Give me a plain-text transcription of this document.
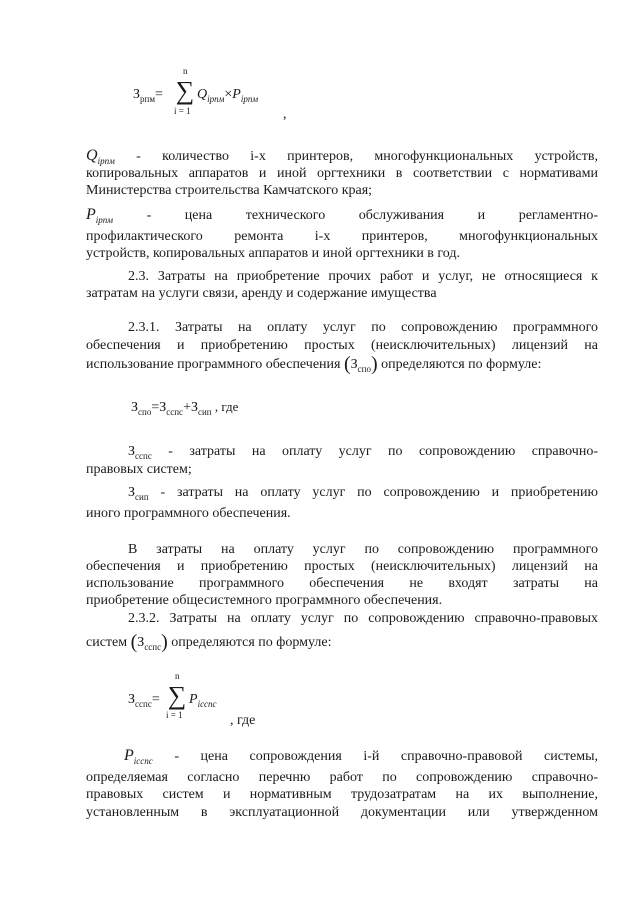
$З_{рпм}=$
n
∑
i = 1
$Q_{iрпм}\times P_{iрпм}$
,
$Q_{iрпм}$ - количество i-х принтеров, многофункциональных устройств,
копировальных аппаратов и иной оргтехники в соответствии с нормативами
Министерства строительства Камчатского края;
$P_{iрпм}$ - цена технического обслуживания и регламентно-
профилактического ремонта i-х принтеров, многофункциональных
устройств, копировальных аппаратов и иной оргтехники в год.
2.3. Затраты на приобретение прочих работ и услуг, не относящиеся к
затратам на услуги связи, аренду и содержание имущества
2.3.1. Затраты на оплату услуг по сопровождению программного
обеспечения и приобретению простых (неисключительных) лицензий на
использование программного обеспечения $(З_{спо})$ определяются по формуле:
$З_{спо}=З_{сспс}+З_{сип}$ , где
$З_{сспс}$ - затраты на оплату услуг по сопровождению справочно-
правовых систем;
$З_{сип}$ - затраты на оплату услуг по сопровождению и приобретению
иного программного обеспечения.
В затраты на оплату услуг по сопровождению программного
обеспечения и приобретению простых (неисключительных) лицензий на
использование программного обеспечения не входят затраты на
приобретение общесистемного программного обеспечения.
2.3.2. Затраты на оплату услуг по сопровождению справочно-правовых
систем $(З_{сспс})$ определяются по формуле:
$З_{сспс}=$
n
∑
i = 1
$P_{iсспс}$
, где
$P_{iсспс}$ - цена сопровождения i-й справочно-правовой системы,
определяемая согласно перечню работ по сопровождению справочно-
правовых систем и нормативным трудозатратам на их выполнение,
установленным в эксплуатационной документации или утвержденном
